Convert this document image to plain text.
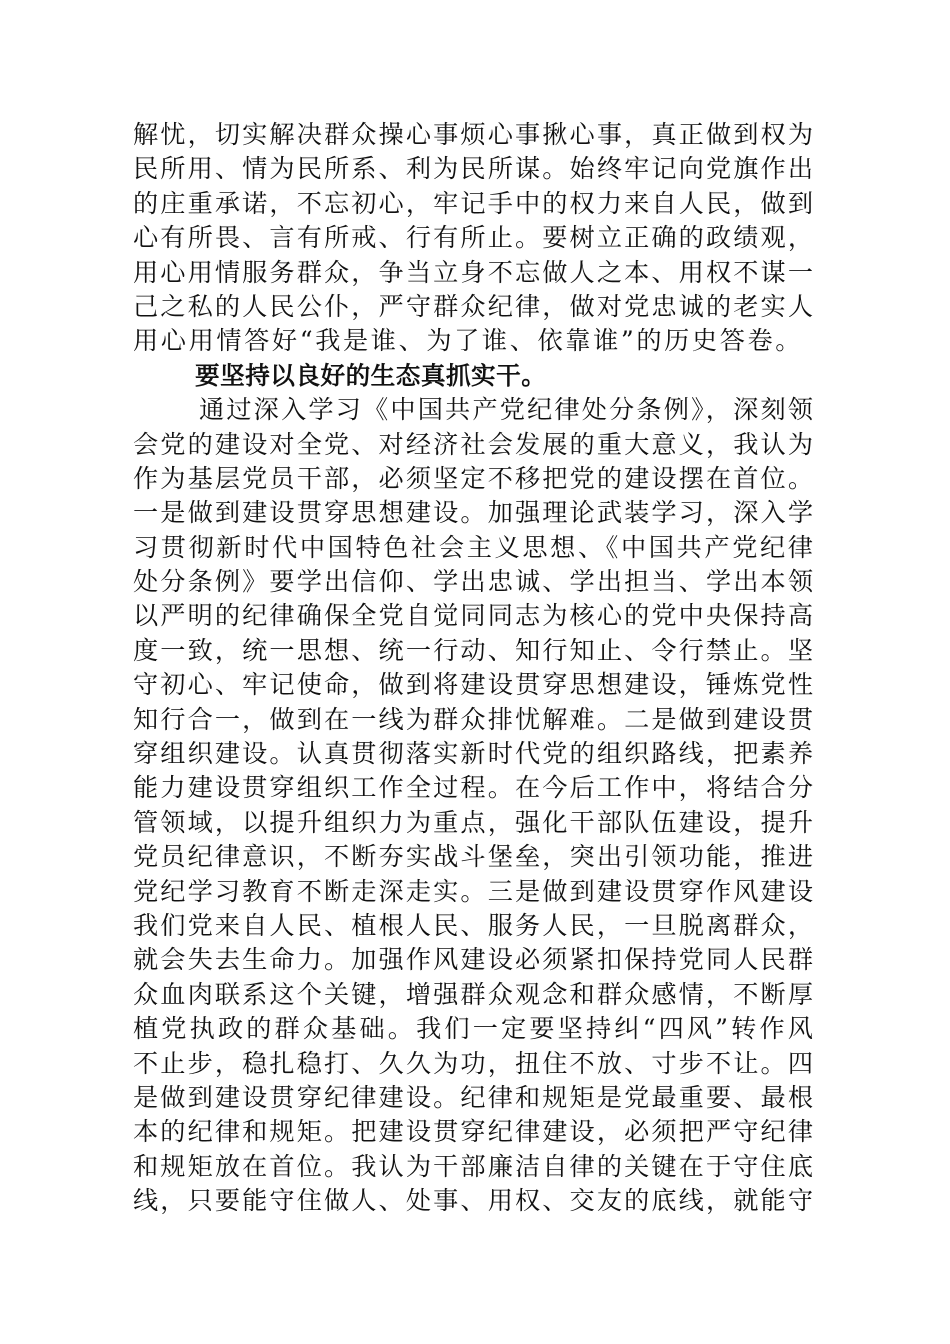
解忧，切实解决群众操心事烦心事揪心事，真正做到权为
民所用、情为民所系、利为民所谋。始终牢记向党旗作出
的庄重承诺，不忘初心，牢记手中的权力来自人民，做到
心有所畏、言有所戒、行有所止。要树立正确的政绩观，
用心用情服务群众，争当立身不忘做人之本、用权不谋一
己之私的人民公仆，严守群众纪律，做对党忠诚的老实人
用心用情答好“我是谁、为了谁、依靠谁”的历史答卷。
要坚持以良好的生态真抓实干。
通过深入学习《中国共产党纪律处分条例》，深刻领
会党的建设对全党、对经济社会发展的重大意义，我认为
作为基层党员干部，必须坚定不移把党的建设摆在首位。
一是做到建设贯穿思想建设。加强理论武装学习，深入学
习贯彻新时代中国特色社会主义思想、《中国共产党纪律
处分条例》要学出信仰、学出忠诚、学出担当、学出本领
以严明的纪律确保全党自觉同同志为核心的党中央保持高
度一致，统一思想、统一行动、知行知止、令行禁止。坚
守初心、牢记使命，做到将建设贯穿思想建设，锤炼党性
知行合一，做到在一线为群众排忧解难。二是做到建设贯
穿组织建设。认真贯彻落实新时代党的组织路线，把素养
能力建设贯穿组织工作全过程。在今后工作中，将结合分
管领域，以提升组织力为重点，强化干部队伍建设，提升
党员纪律意识，不断夯实战斗堡垒，突出引领功能，推进
党纪学习教育不断走深走实。三是做到建设贯穿作风建设
我们党来自人民、植根人民、服务人民，一旦脱离群众，
就会失去生命力。加强作风建设必须紧扣保持党同人民群
众血肉联系这个关键，增强群众观念和群众感情，不断厚
植党执政的群众基础。我们一定要坚持纠“四风”转作风
不止步，稳扎稳打、久久为功，扭住不放、寸步不让。四
是做到建设贯穿纪律建设。纪律和规矩是党最重要、最根
本的纪律和规矩。把建设贯穿纪律建设，必须把严守纪律
和规矩放在首位。我认为干部廉洁自律的关键在于守住底
线，只要能守住做人、处事、用权、交友的底线，就能守
